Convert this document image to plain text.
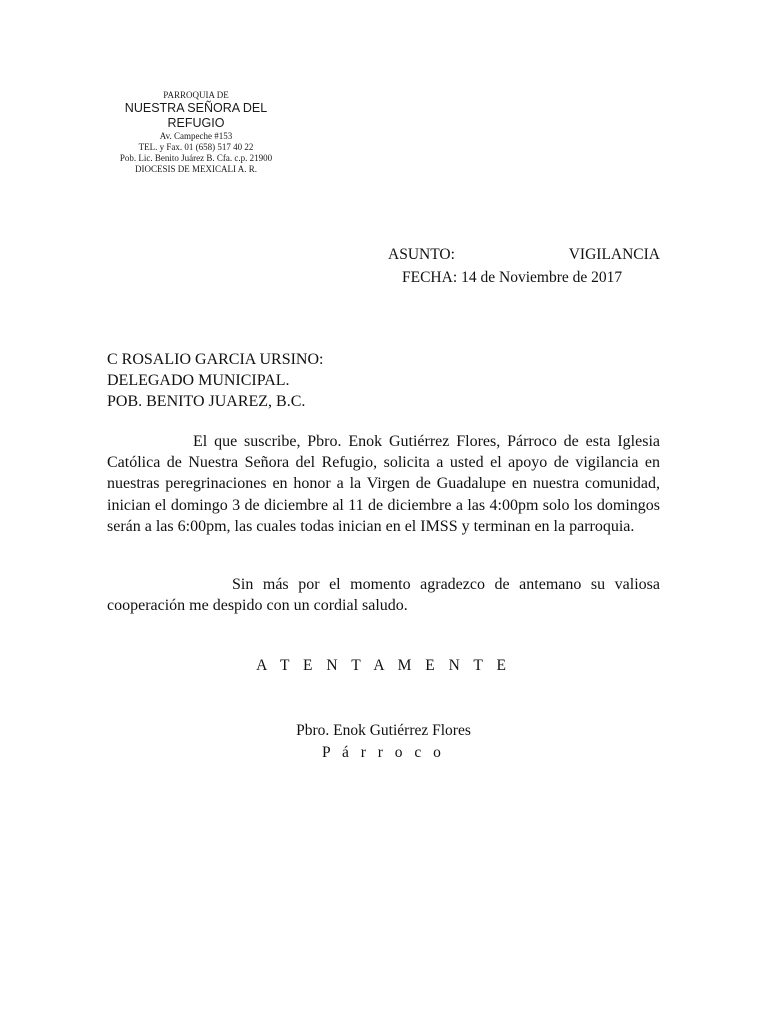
PARROQUIA DE
NUESTRA SEÑORA DEL
REFUGIO
Av. Campeche #153
TEL. y Fax. 01 (658) 517 40 22
Pob. Lic. Benito Juárez B. Cfa. c.p. 21900
DIOCESIS DE MEXICALI A. R.
ASUNTO:	VIGILANCIA
FECHA: 14 de Noviembre de 2017
C ROSALIO GARCIA URSINO:
DELEGADO MUNICIPAL.
POB. BENITO JUAREZ, B.C.

El que suscribe, Pbro. Enok Gutiérrez Flores, Párroco de esta Iglesia Católica de Nuestra Señora del Refugio, solicita a usted el apoyo de vigilancia en nuestras peregrinaciones en honor a la Virgen de Guadalupe en nuestra comunidad, inician el domingo 3 de diciembre al 11 de diciembre a las 4:00pm solo los domingos serán a las 6:00pm, las cuales todas inician en el IMSS y terminan en la parroquia.

Sin más por el momento agradezco de antemano su valiosa cooperación me despido con un cordial saludo.

A T E N T A M E N T E
Pbro. Enok Gutiérrez Flores
P á r r o c o
